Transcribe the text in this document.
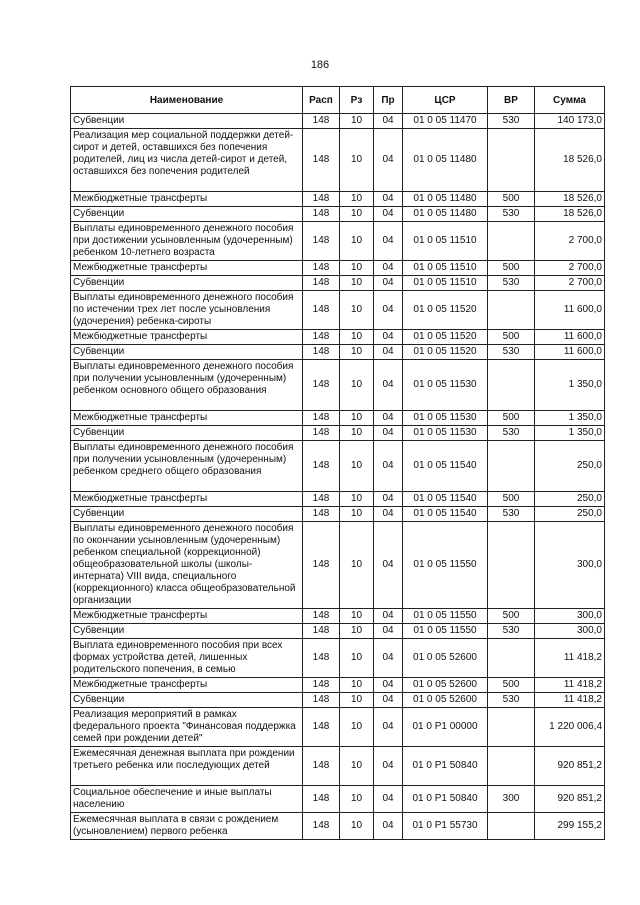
186
Наименование	Расп	Рз	Пр	ЦСР	ВР	Сумма
Субвенции	148	10	04	01 0 05 11470	530	140 173,0

Реализация мер социальной поддержки детей-сирот и детей, оставшихся без попечения родителей, лиц из числа детей-сирот и детей, оставшихся без попечения родителей	148	10	04	01 0 05 11480		18 526,0
Межбюджетные трансферты	148	10	04	01 0 05 11480	500	18 526,0
Субвенции	148	10	04	01 0 05 11480	530	18 526,0

Выплаты единовременного денежного пособия при достижении усыновленным (удочеренным) ребенком 10-летнего возраста	148	10	04	01 0 05 11510		2 700,0
Межбюджетные трансферты	148	10	04	01 0 05 11510	500	2 700,0
Субвенции	148	10	04	01 0 05 11510	530	2 700,0

Выплаты единовременного денежного пособия по истечении трех лет после усыновления (удочерения) ребенка-сироты	148	10	04	01 0 05 11520		11 600,0
Межбюджетные трансферты	148	10	04	01 0 05 11520	500	11 600,0
Субвенции	148	10	04	01 0 05 11520	530	11 600,0

Выплаты единовременного денежного пособия при получении усыновленным (удочеренным) ребенком основного общего образования	148	10	04	01 0 05 11530		1 350,0
Межбюджетные трансферты	148	10	04	01 0 05 11530	500	1 350,0
Субвенции	148	10	04	01 0 05 11530	530	1 350,0

Выплаты единовременного денежного пособия при получении усыновленным (удочеренным) ребенком среднего общего образования	148	10	04	01 0 05 11540		250,0
Межбюджетные трансферты	148	10	04	01 0 05 11540	500	250,0
Субвенции	148	10	04	01 0 05 11540	530	250,0

Выплаты единовременного денежного пособия по окончании усыновленным (удочеренным) ребенком специальной (коррекционной) общеобразовательной школы (школы-интерната) VIII вида, специального (коррекционного) класса общеобразовательной организации	148	10	04	01 0 05 11550		300,0
Межбюджетные трансферты	148	10	04	01 0 05 11550	500	300,0
Субвенции	148	10	04	01 0 05 11550	530	300,0

Выплата единовременного пособия при всех формах устройства детей, лишенных родительского попечения, в семью	148	10	04	01 0 05 52600		11 418,2
Межбюджетные трансферты	148	10	04	01 0 05 52600	500	11 418,2
Субвенции	148	10	04	01 0 05 52600	530	11 418,2

Реализация мероприятий в рамках федерального проекта "Финансовая поддержка семей при рождении детей"	148	10	04	01 0 P1 00000		1 220 006,4

Ежемесячная денежная выплата при рождении третьего ребенка или последующих детей	148	10	04	01 0 P1 50840		920 851,2

Социальное обеспечение и иные выплаты населению	148	10	04	01 0 P1 50840	300	920 851,2

Ежемесячная выплата в связи с рождением (усыновлением) первого ребенка	148	10	04	01 0 P1 55730		299 155,2
